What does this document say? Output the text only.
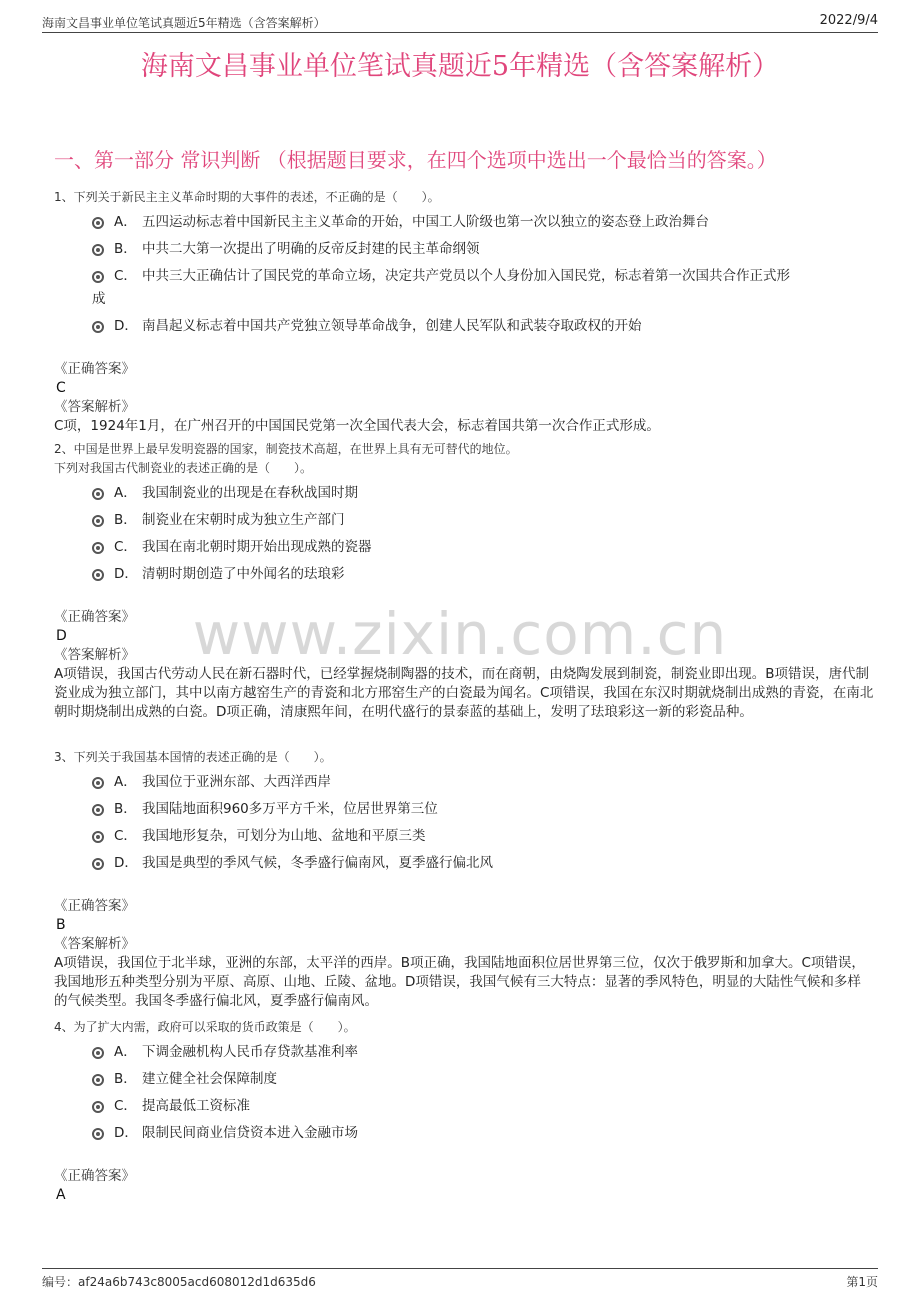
海南文昌事业单位笔试真题近5年精选（含答案解析）	2022/9/4
海南文昌事业单位笔试真题近5年精选（含答案解析）
一、第一部分 常识判断 （根据题目要求，在四个选项中选出一个最恰当的答案。）
www.zixin.com.cn
1、下列关于新民主主义革命时期的大事件的表述，不正确的是（　　）。
A． 五四运动标志着中国新民主主义革命的开始，中国工人阶级也第一次以独立的姿态登上政治舞台
B． 中共二大第一次提出了明确的反帝反封建的民主革命纲领
C． 中共三大正确估计了国民党的革命立场，决定共产党员以个人身份加入国民党，标志着第一次国共合作正式形
成
D． 南昌起义标志着中国共产党独立领导革命战争，创建人民军队和武装夺取政权的开始
《正确答案》
C
《答案解析》
C项，1924年1月，在广州召开的中国国民党第一次全国代表大会，标志着国共第一次合作正式形成。
2、中国是世界上最早发明瓷器的国家，制瓷技术高超，在世界上具有无可替代的地位。
下列对我国古代制瓷业的表述正确的是（　　）。
A． 我国制瓷业的出现是在春秋战国时期
B． 制瓷业在宋朝时成为独立生产部门
C． 我国在南北朝时期开始出现成熟的瓷器
D． 清朝时期创造了中外闻名的珐琅彩
《正确答案》
D
《答案解析》
A项错误，我国古代劳动人民在新石器时代，已经掌握烧制陶器的技术，而在商朝，由烧陶发展到制瓷，制瓷业即出现。B项错误，唐代制瓷业成为独立部门，其中以南方越窑生产的青瓷和北方邢窑生产的白瓷最为闻名。C项错误，我国在东汉时期就烧制出成熟的青瓷，在南北朝时期烧制出成熟的白瓷。D项正确，清康熙年间，在明代盛行的景泰蓝的基础上，发明了珐琅彩这一新的彩瓷品种。
3、下列关于我国基本国情的表述正确的是（　　）。
A． 我国位于亚洲东部、大西洋西岸
B． 我国陆地面积960多万平方千米，位居世界第三位
C． 我国地形复杂，可划分为山地、盆地和平原三类
D． 我国是典型的季风气候，冬季盛行偏南风，夏季盛行偏北风
《正确答案》
B
《答案解析》
A项错误，我国位于北半球，亚洲的东部，太平洋的西岸。B项正确，我国陆地面积位居世界第三位，仅次于俄罗斯和加拿大。C项错误，我国地形五种类型分别为平原、高原、山地、丘陵、盆地。D项错误，我国气候有三大特点：显著的季风特色，明显的大陆性气候和多样的气候类型。我国冬季盛行偏北风，夏季盛行偏南风。
4、为了扩大内需，政府可以采取的货币政策是（　　）。
A． 下调金融机构人民币存贷款基准利率
B． 建立健全社会保障制度
C． 提高最低工资标准
D． 限制民间商业信贷资本进入金融市场
《正确答案》
A
编号：af24a6b743c8005acd608012d1d635d6	第1页
